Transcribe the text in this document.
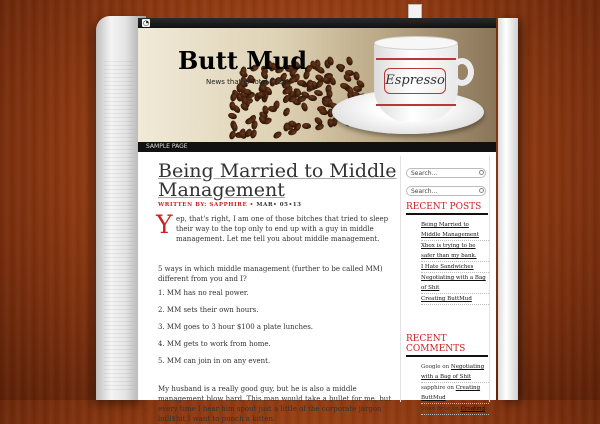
◔
Espresso
Butt Mud
News that is Total Crap!
SAMPLE PAGE
Being Married to Middle Management
WRITTEN BY: SAPPHIRE • MAR• 05•13
Y ep, that's right, I am one of those bitches that tried to sleep their way to the top only to end up with a guy in middle management. Let me tell you about middle management.
5 ways in which middle management (further to be called MM) different from you and I?
1. MM has no real power.
2. MM sets their own hours.
3. MM goes to 3 hour $100 a plate lunches.
4. MM gets to work from home.
5. MM can join in on any event.
My husband is a really good guy, but he is also a middle management blow hard. This man would take a bullet for me, but every time I hear him spout just a little of the corporate jargon bull$hit I want to punch a kitten.
Search...
Search...
RECENT POSTS
Being Married to Middle Management
Xbox is trying to be safer than my bank.
I Hate Sandwiches
Negotiating with a Bag of Shit
Creating ButtMud
RECENT COMMENTS
Google on Negotiating with a Bag of Shit
sapphire on Creating ButtMud
Shad Brue on Creating
